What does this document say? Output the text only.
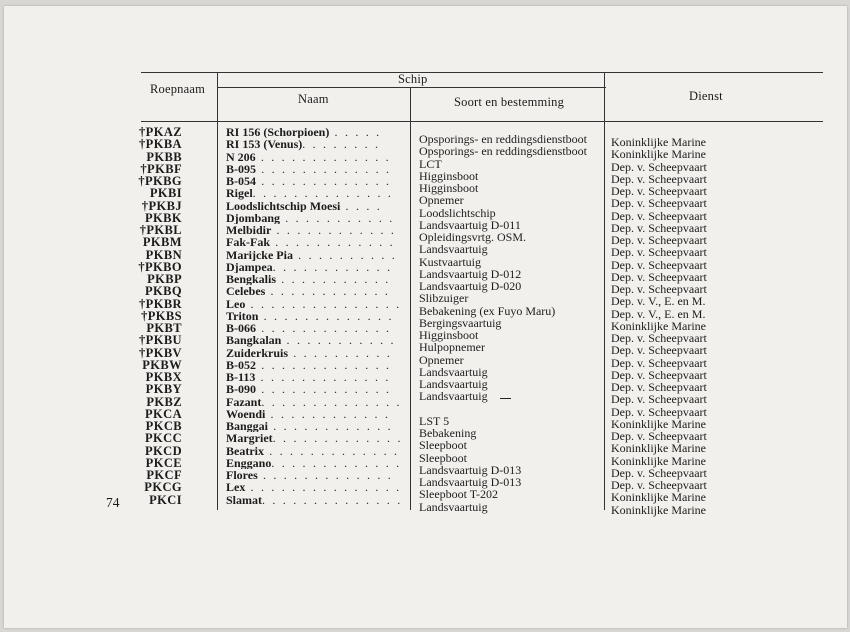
Roepnaam
Schip
Naam	Soort en bestemming	Dienst
†PKAZ
†PKBA
PKBB
†PKBF
†PKBG
PKBI
†PKBJ
PKBK
†PKBL
PKBM
PKBN
†PKBO
PKBP
PKBQ
†PKBR
†PKBS
PKBT
†PKBU
†PKBV
PKBW
PKBX
PKBY
PKBZ
PKCA
PKCB
PKCC
PKCD
PKCE
PKCF
PKCG
PKCI
RI 156 (Schorpioen) . . . . .
RI 153 (Venus). . . . . . . .
N 206 . . . . . . . . . . . . .
B-095 . . . . . . . . . . . . .
B-054 . . . . . . . . . . . . .
Rigel. . . . . . . . . . . . . .
Loodslichtschip Moesi . . . .
Djombang . . . . . . . . . . .
Melbidir . . . . . . . . . . . .
Fak-Fak . . . . . . . . . . . .
Marijcke Pia . . . . . . . . . .
Djampea. . . . . . . . . . . .
Bengkalis . . . . . . . . . . .
Celebes . . . . . . . . . . . .
Leo . . . . . . . . . . . . . . .
Triton . . . . . . . . . . . . .
B-066 . . . . . . . . . . . . .
Bangkalan . . . . . . . . . . .
Zuiderkruis . . . . . . . . . .
B-052 . . . . . . . . . . . . .
B-113 . . . . . . . . . . . . .
B-090 . . . . . . . . . . . . .
Fazant. . . . . . . . . . . . . .
Woendi . . . . . . . . . . . .
Banggai . . . . . . . . . . . .
Margriet. . . . . . . . . . . . .
Beatrix . . . . . . . . . . . . .
Enggano. . . . . . . . . . . . .
Flores . . . . . . . . . . . . .
Lex . . . . . . . . . . . . . . .
Slamat. . . . . . . . . . . . . .
Opsporings- en reddingsdienstboot
Opsporings- en reddingsdienstboot
LCT
Higginsboot
Higginsboot
Opnemer
Loodslichtschip
Landsvaartuig D-011
Opleidingsvrtg. OSM.
Landsvaartuig
Kustvaartuig
Landsvaartuig D-012
Landsvaartuig D-020
Slibzuiger
Bebakening (ex Fuyo Maru)
Bergingsvaartuig
Higginsboot
Hulpopnemer
Opnemer
Landsvaartuig
Landsvaartuig
Landsvaartuig
LST 5
Bebakening
Sleepboot
Sleepboot
Landsvaartuig D-013
Landsvaartuig D-013
Sleepboot T-202
Landsvaartuig
Koninklijke Marine
Koninklijke Marine
Dep. v. Scheepvaart
Dep. v. Scheepvaart
Dep. v. Scheepvaart
Dep. v. Scheepvaart
Dep. v. Scheepvaart
Dep. v. Scheepvaart
Dep. v. Scheepvaart
Dep. v. Scheepvaart
Dep. v. Scheepvaart
Dep. v. Scheepvaart
Dep. v. Scheepvaart
Dep. v. V., E. en M.
Dep. v. V., E. en M.
Koninklijke Marine
Dep. v. Scheepvaart
Dep. v. Scheepvaart
Dep. v. Scheepvaart
Dep. v. Scheepvaart
Dep. v. Scheepvaart
Dep. v. Scheepvaart
Dep. v. Scheepvaart
Koninklijke Marine
Dep. v. Scheepvaart
Koninklijke Marine
Koninklijke Marine
Dep. v. Scheepvaart
Dep. v. Scheepvaart
Koninklijke Marine
Koninklijke Marine
74
